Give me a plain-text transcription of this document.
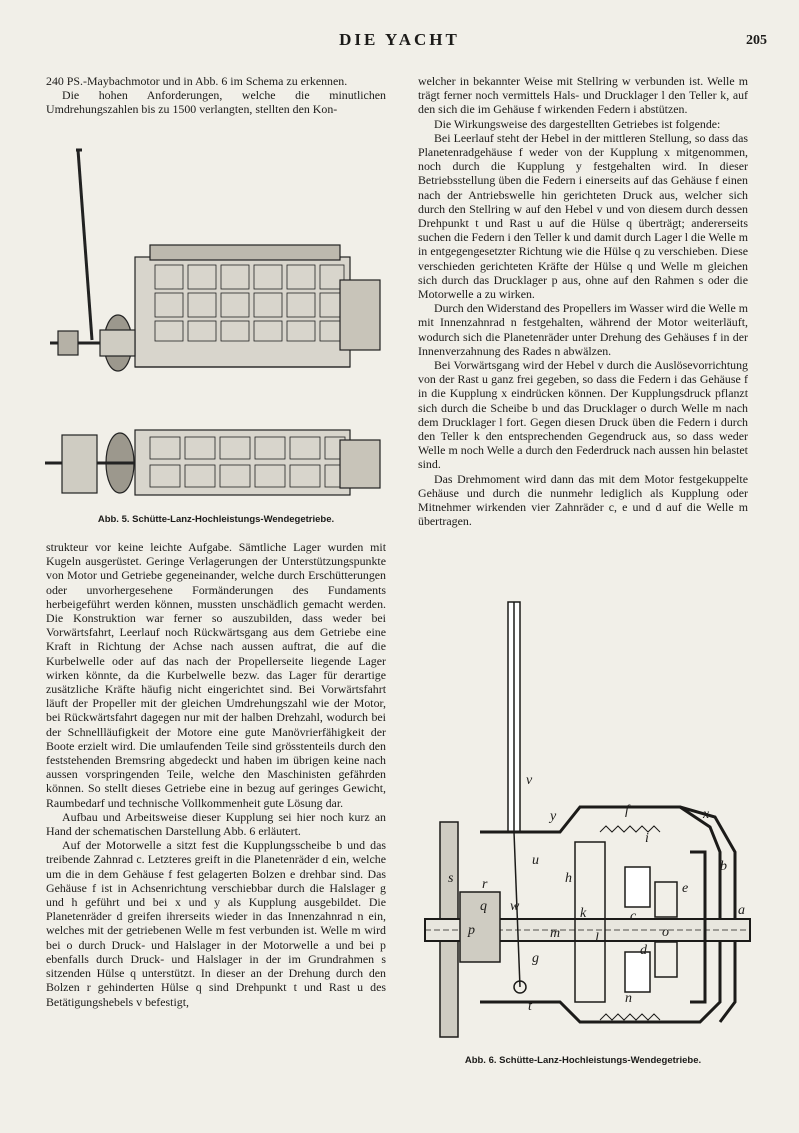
DIE YACHT	205

240 PS.-Maybachmotor und in Abb. 6 im Schema zu erkennen.

Die hohen Anforderungen, welche die minutlichen Umdrehungszahlen bis zu 1500 verlangten, stellten den Kon-

Abb. 5. Schütte-Lanz-Hochleistungs-Wendegetriebe.

strukteur vor keine leichte Aufgabe. Sämtliche Lager wurden mit Kugeln ausgerüstet. Geringe Verlagerungen der Unterstützungspunkte von Motor und Getriebe gegeneinander, welche durch Erschütterungen oder unvorhergesehene Formänderungen des Fundaments herbeigeführt werden können, mussten unschädlich gemacht werden. Die Konstruktion war ferner so auszubilden, dass weder bei Vorwärtsfahrt, Leerlauf noch Rückwärtsgang aus dem Getriebe eine Kraft in Richtung der Achse nach aussen auftrat, die auf die Kurbelwelle oder auf das nach der Propellerseite liegende Lager wirken könnte, da die Kurbelwelle bezw. das Lager für derartige zusätzliche Kräfte häufig nicht eingerichtet sind. Bei Vorwärtsfahrt läuft der Propeller mit der gleichen Umdrehungszahl wie der Motor, bei Rückwärtsfahrt dagegen nur mit der halben Drehzahl, wodurch bei der Schnellläufigkeit der Motore eine gute Manövrierfähigkeit der Boote erzielt wird. Die umlaufenden Teile sind grösstenteils durch den feststehenden Bremsring abgedeckt und haben im übrigen keine nach aussen vorspringenden Teile, welche den Maschinisten gefährden können. So stellt dieses Getriebe eine in bezug auf geringes Gewicht, Raumbedarf und technische Vollkommenheit gute Lösung dar.

Aufbau und Arbeitsweise dieser Kupplung sei hier noch kurz an Hand der schematischen Darstellung Abb. 6 erläutert.

Auf der Motorwelle a sitzt fest die Kupplungsscheibe b und das treibende Zahnrad c. Letzteres greift in die Planetenräder d ein, welche um die in dem Gehäuse f fest gelagerten Bolzen e drehbar sind. Das Gehäuse f ist in Achsenrichtung verschiebbar durch die Halslager g und h geführt und bei x und y als Kupplung ausgebildet. Die Planetenräder d greifen ihrerseits wieder in das Innenzahnrad n ein, welches mit der getriebenen Welle m fest verbunden ist. Welle m wird bei o durch Druck- und Halslager in der Motorwelle a und bei p ebenfalls durch Druck- und Halslager in der im Grundrahmen s sitzenden Hülse q unterstützt. In dieser an der Drehung durch den Bolzen r gehinderten Hülse q sind Drehpunkt t und Rast u des Betätigungshebels v befestigt,

welcher in bekannter Weise mit Stellring w verbunden ist. Welle m trägt ferner noch vermittels Hals- und Drucklager l den Teller k, auf den sich die im Gehäuse f wirkenden Federn i abstützen.

Die Wirkungsweise des dargestellten Getriebes ist folgende:

Bei Leerlauf steht der Hebel in der mittleren Stellung, so dass das Planetenradgehäuse f weder von der Kupplung x mitgenommen, noch durch die Kupplung y festgehalten wird. In dieser Betriebsstellung üben die Federn i einerseits auf das Gehäuse f einen nach der Antriebswelle hin gerichteten Druck aus, welcher sich durch den Stellring w auf den Hebel v und von diesem durch dessen Drehpunkt t und Rast u auf die Hülse q überträgt; andererseits suchen die Federn i den Teller k und damit durch Lager l die Welle m in entgegengesetzter Richtung wie die Hülse q zu verschieben. Diese verschieden gerichteten Kräfte der Hülse q und Welle m gleichen sich durch das Drucklager p aus, ohne auf den Rahmen s oder die Motorwelle a zu wirken.

Durch den Widerstand des Propellers im Wasser wird die Welle m mit Innenzahnrad n festgehalten, während der Motor weiterläuft, wodurch sich die Planetenräder unter Drehung des Gehäuses f in der Innenverzahnung des Rades n abwälzen.

Bei Vorwärtsgang wird der Hebel v durch die Auslösevorrichtung von der Rast u ganz frei gegeben, so dass die Federn i das Gehäuse f in die Kupplung x eindrücken können. Der Kupplungsdruck pflanzt sich durch die Scheibe b und das Drucklager o durch Welle m nach dem Drucklager l fort. Gegen diesen Druck üben die Federn i durch den Teller k den entsprechenden Gegendruck aus, so dass weder Welle m noch Welle a durch den Federdruck nach aussen hin belastet sind.

Das Drehmoment wird dann das mit dem Motor festgekuppelte Gehäuse und durch die nunmehr lediglich als Kupplung oder Mitnehmer wirkenden vier Zahnräder c, e und d auf die Welle m übertragen.

v
y	f	x
s r
u
h
b
w	k
e
g
i
c	a
p
n
m	o
l
t
d
q
Abb. 6. Schütte-Lanz-Hochleistungs-Wendegetriebe.
